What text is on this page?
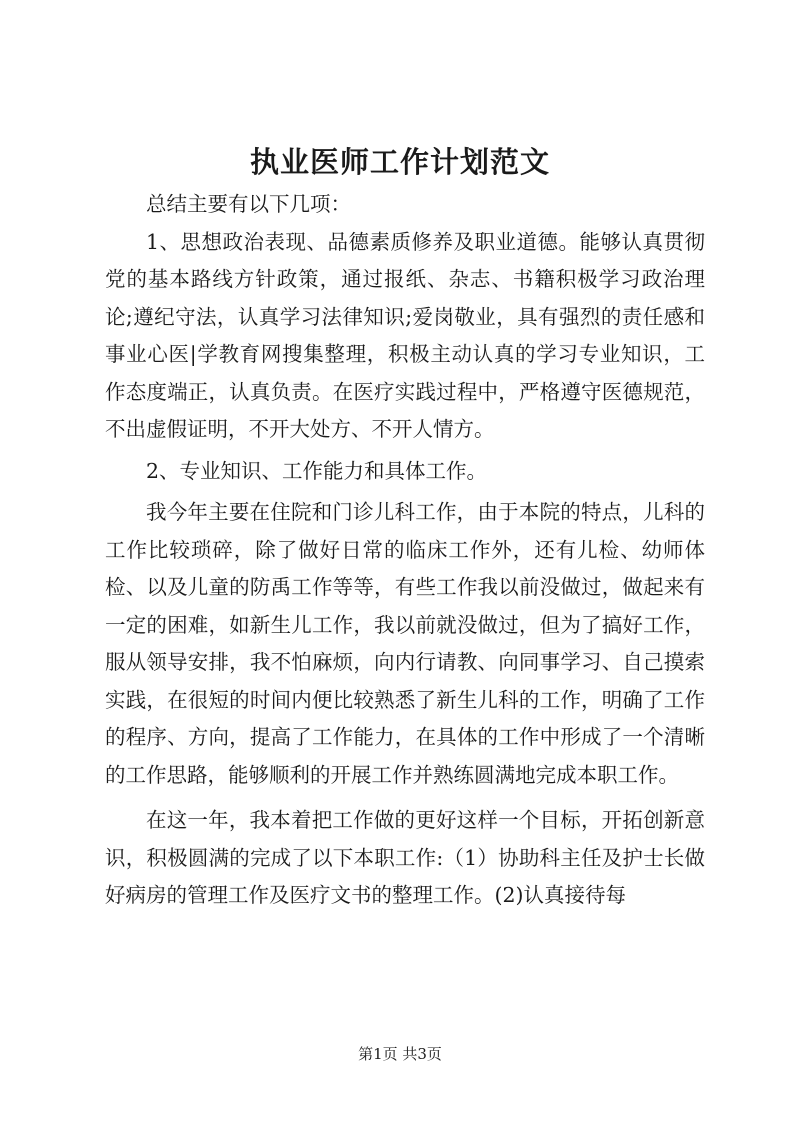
执业医师工作计划范文

总结主要有以下几项：

1、思想政治表现、品德素质修养及职业道德。能够认真贯彻党的基本路线方针政策，通过报纸、杂志、书籍积极学习政治理论;遵纪守法，认真学习法律知识;爱岗敬业，具有强烈的责任感和事业心医|学教育网搜集整理，积极主动认真的学习专业知识，工作态度端正，认真负责。在医疗实践过程中，严格遵守医德规范，不出虚假证明，不开大处方、不开人情方。

2、专业知识、工作能力和具体工作。

我今年主要在住院和门诊儿科工作，由于本院的特点，儿科的工作比较琐碎，除了做好日常的临床工作外，还有儿检、幼师体检、以及儿童的防禹工作等等，有些工作我以前没做过，做起来有一定的困难，如新生儿工作，我以前就没做过，但为了搞好工作，服从领导安排，我不怕麻烦，向内行请教、向同事学习、自己摸索实践，在很短的时间内便比较熟悉了新生儿科的工作，明确了工作的程序、方向，提高了工作能力，在具体的工作中形成了一个清晰的工作思路，能够顺利的开展工作并熟练圆满地完成本职工作。

在这一年，我本着把工作做的更好这样一个目标，开拓创新意识，积极圆满的完成了以下本职工作:（1）协助科主任及护士长做好病房的管理工作及医疗文书的整理工作。(2)认真接待每

第1页 共3页
